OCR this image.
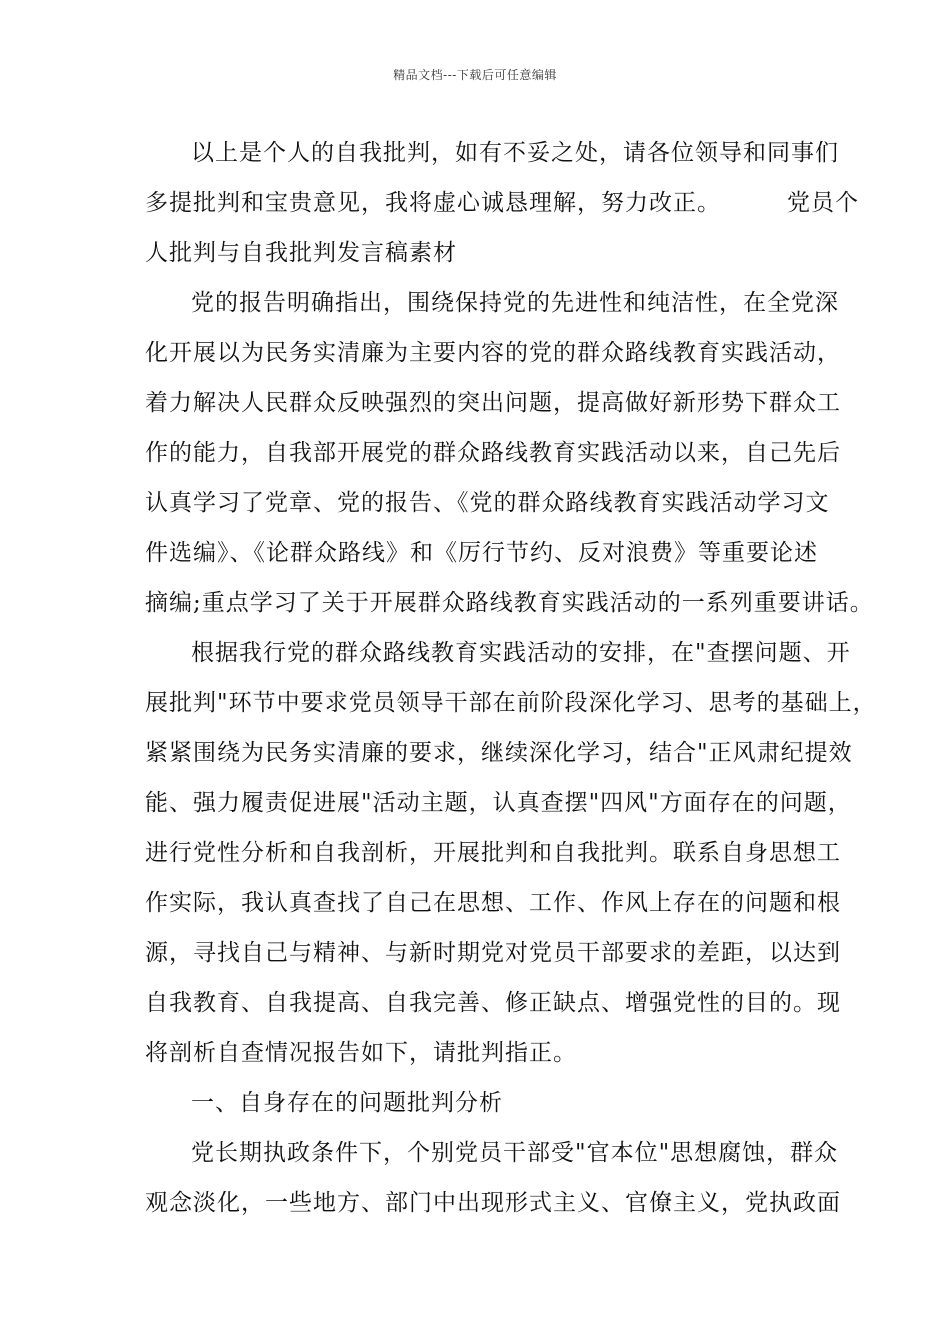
精品文档---下载后可任意编辑
以上是个人的自我批判，如有不妥之处，请各位领导和同事们
多提批判和宝贵意见，我将虚心诚恳理解，努力改正。	党员个
人批判与自我批判发言稿素材
党的报告明确指出，围绕保持党的先进性和纯洁性，在全党深
化开展以为民务实清廉为主要内容的党的群众路线教育实践活动，
着力解决人民群众反映强烈的突出问题，提高做好新形势下群众工
作的能力，自我部开展党的群众路线教育实践活动以来，自己先后
认真学习了党章、党的报告、《党的群众路线教育实践活动学习文
件选编》、《论群众路线》和《厉行节约、反对浪费》等重要论述
摘编;重点学习了关于开展群众路线教育实践活动的一系列重要讲话。
根据我行党的群众路线教育实践活动的安排，在"查摆问题、开
展批判"环节中要求党员领导干部在前阶段深化学习、思考的基础上，
紧紧围绕为民务实清廉的要求，继续深化学习，结合"正风肃纪提效
能、强力履责促进展"活动主题，认真查摆"四风"方面存在的问题，
进行党性分析和自我剖析，开展批判和自我批判。联系自身思想工
作实际，我认真查找了自己在思想、工作、作风上存在的问题和根
源，寻找自己与精神、与新时期党对党员干部要求的差距，以达到
自我教育、自我提高、自我完善、修正缺点、增强党性的目的。现
将剖析自查情况报告如下，请批判指正。
一、自身存在的问题批判分析
党长期执政条件下，个别党员干部受"官本位"思想腐蚀，群众
观念淡化，一些地方、部门中出现形式主义、官僚主义，党执政面
